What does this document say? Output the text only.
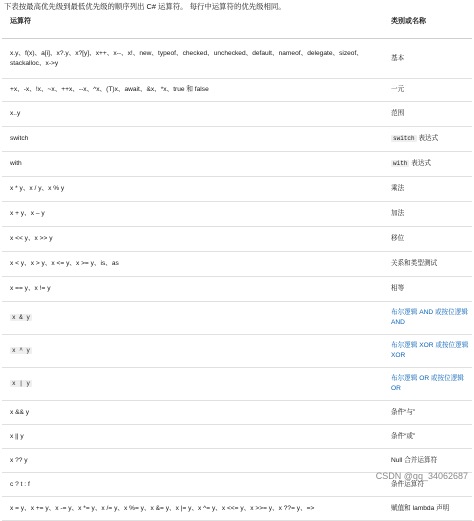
下表按最高优先级到最低优先级的顺序列出 C# 运算符。 每行中运算符的优先级相同。
运算符	类别或名称
x.y、f(x)、a[i]、x?.y、x?[y]、x++、x--、x!、new、typeof、checked、unchecked、default、nameof、delegate、sizeof、stackalloc、x->y	基本
+x、-x、!x、~x、++x、--x、^x、(T)x、await、&x、*x、true 和 false	一元
x..y	范围
switch	switch 表达式
with	with 表达式
x * y、x / y、x % y	乘法
x + y、x – y	加法
x << y、x >> y	移位
x < y、x > y、x <= y、x >= y、is、as	关系和类型测试
x == y、x != y	相等
x & y	布尔逻辑 AND 或按位逻辑 AND
x ^ y	布尔逻辑 XOR 或按位逻辑 XOR
x | y	布尔逻辑 OR 或按位逻辑 OR
x && y	条件“与”
x || y	条件“或”
x ?? y	Null 合并运算符
c ? t : f	条件运算符
x = y、x += y、x -= y、x *= y、x /= y、x %= y、x &= y、x |= y、x ^= y、x <<= y、x >>= y、x ??= y、=>	赋值和 lambda 声明
CSDN @qq_34062687
